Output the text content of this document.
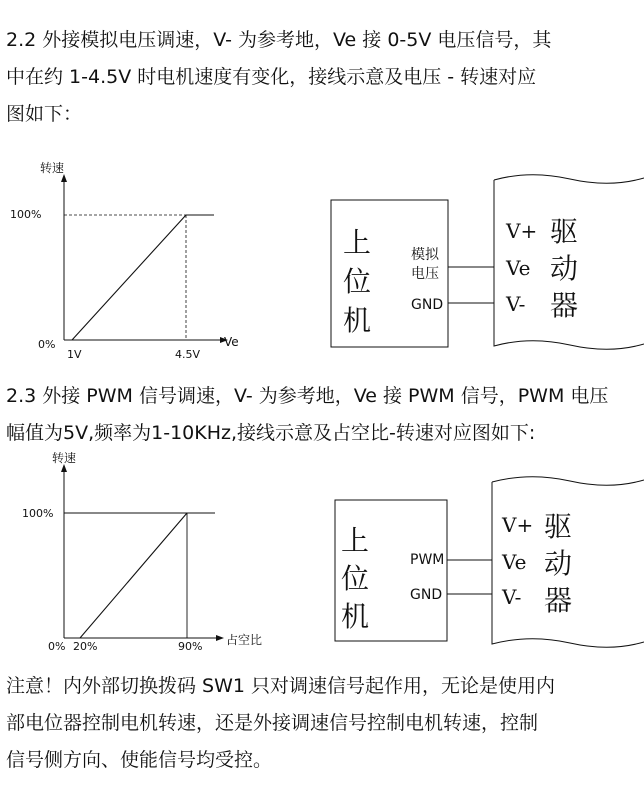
2.2 外接模拟电压调速，V- 为参考地，Ve 接 0-5V 电压信号，其
中在约 1-4.5V 时电机速度有变化，接线示意及电压 - 转速对应
图如下：
转速
100%
0%	Ve
1V	4.5V
上
位
机
模拟
电压
GND
V+
Ve
V-
驱
动
器
2.3 外接 PWM 信号调速，V- 为参考地，Ve 接 PWM 信号，PWM 电压
幅值为5V,频率为1-10KHz,接线示意及占空比-转速对应图如下:
转速
100%
0% 20%	90% 占空比
上
位
机
PWM
GND
V+
Ve
V-
驱
动
器
注意！内外部切换拨码 SW1 只对调速信号起作用，无论是使用内
部电位器控制电机转速，还是外接调速信号控制电机转速，控制
信号侧方向、使能信号均受控。
